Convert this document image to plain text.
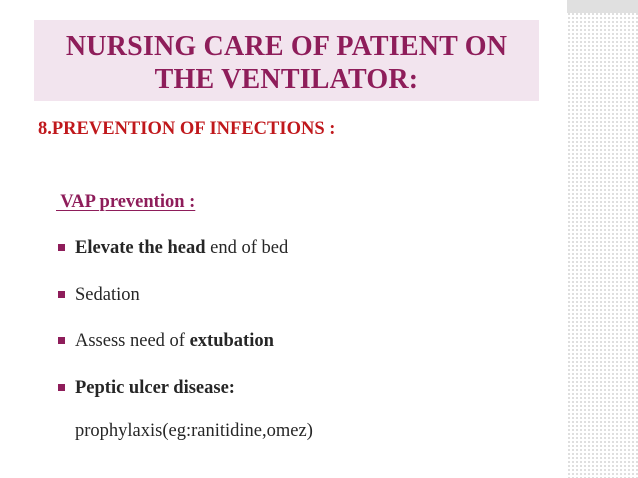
NURSING CARE OF PATIENT ON
THE VENTILATOR:
8.PREVENTION OF INFECTIONS :
VAP prevention :
Elevate the head end of bed
Sedation
Assess need of extubation
Peptic ulcer disease:
prophylaxis(eg:ranitidine,omez)
